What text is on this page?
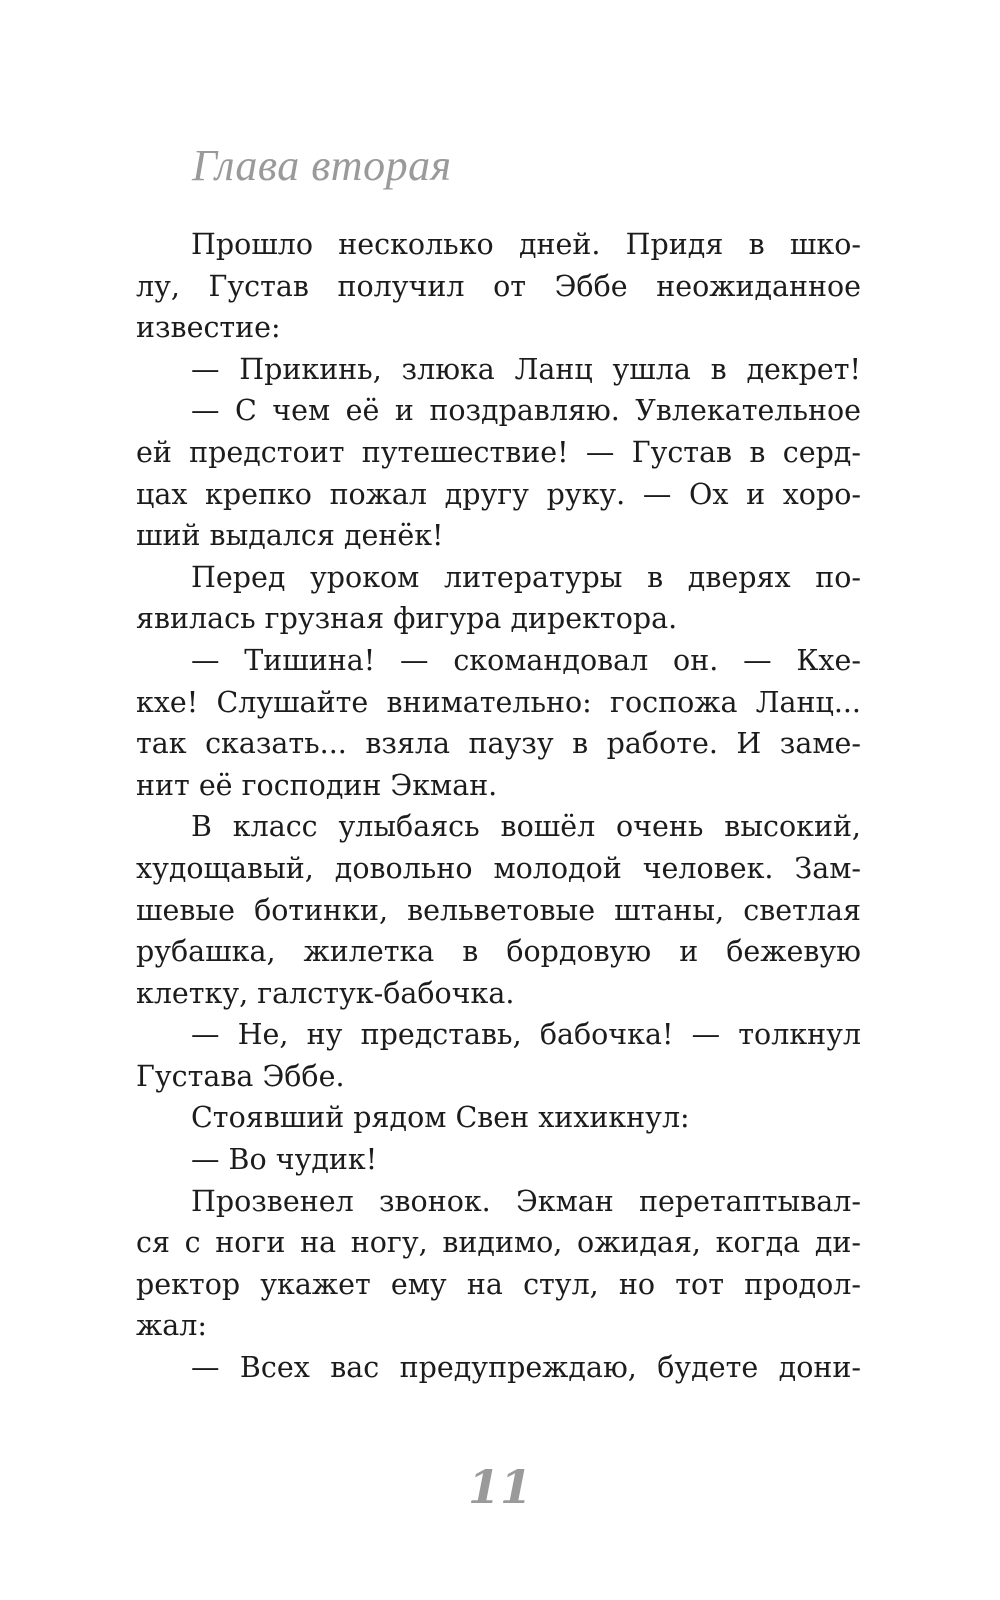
Глава вторая
Прошло несколько дней. Придя в шко-
лу, Густав получил от Эббе неожиданное
известие:
— Прикинь, злюка Ланц ушла в декрет!
— С чем её и поздравляю. Увлекательное
ей предстоит путешествие! — Густав в серд-
цах крепко пожал другу руку. — Ох и хоро-
ший выдался денёк!
Перед уроком литературы в дверях по-
явилась грузная фигура директора.
— Тишина! — скомандовал он. — Кхе-
кхе! Слушайте внимательно: госпожа Ланц...
так сказать... взяла паузу в работе. И заме-
нит её господин Экман.
В класс улыбаясь вошёл очень высокий,
худощавый, довольно молодой человек. Зам-
шевые ботинки, вельветовые штаны, светлая
рубашка, жилетка в бордовую и бежевую
клетку, галстук-бабочка.
— Не, ну представь, бабочка! — толкнул
Густава Эббе.
Стоявший рядом Свен хихикнул:
— Во чудик!
Прозвенел звонок. Экман перетаптывал-
ся с ноги на ногу, видимо, ожидая, когда ди-
ректор укажет ему на стул, но тот продол-
жал:
— Всех вас предупреждаю, будете дони-
11
